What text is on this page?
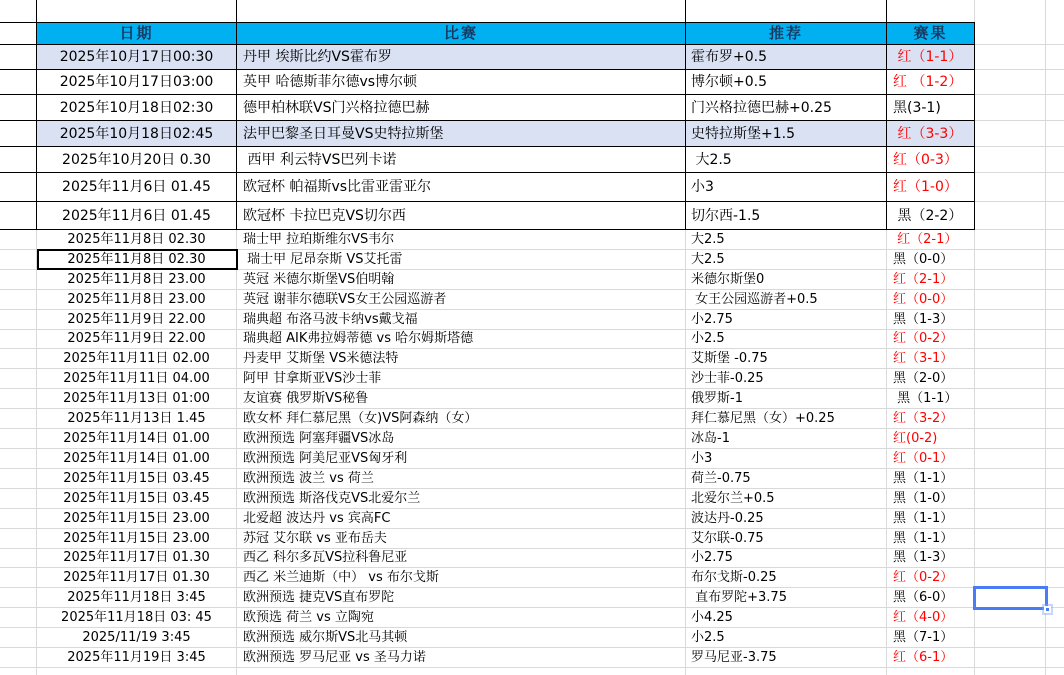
日期	比赛	推荐	赛果
2025年10月17日00:30	丹甲 埃斯比约VS霍布罗	霍布罗+0.5	红（1-1）
2025年10月17日03:00	英甲 哈德斯菲尔德vs博尔顿	博尔顿+0.5	红 （1-2）
2025年10月18日02:30	德甲柏林联VS门兴格拉德巴赫	门兴格拉德巴赫+0.25	黑(3-1)
2025年10月18日02:45	法甲巴黎圣日耳曼VS史特拉斯堡	史特拉斯堡+1.5	红（3-3）
2025年10月20日 0.30	西甲 利云特VS巴列卡诺	大2.5	红（0-3）
2025年11月6日 01.45	欧冠杯 帕福斯vs比雷亚雷亚尔	小3	红（1-0）
2025年11月6日 01.45	欧冠杯 卡拉巴克VS切尔西	切尔西-1.5	黑（2-2）
2025年11月8日 02.30	瑞士甲 拉珀斯维尔VS韦尔	大2.5	红（2-1）
2025年11月8日 02.30	瑞士甲 尼昂奈斯 VS艾托雷	大2.5	黑（0-0）
2025年11月8日 23.00	英冠 米德尔斯堡VS伯明翰	米德尔斯堡0	红（2-1）
2025年11月8日 23.00	英冠 谢菲尔德联VS女王公园巡游者	女王公园巡游者+0.5	红（0-0）
2025年11月9日 22.00	瑞典超 布洛马波卡纳vs戴戈福	小2.75	黑（1-3）
2025年11月9日 22.00	瑞典超 AIK弗拉姆蒂德 vs 哈尔姆斯塔德	小2.5	红（0-2）
2025年11月11日 02.00	丹麦甲 艾斯堡 VS米德法特	艾斯堡 -0.75	红（3-1）
2025年11月11日 04.00	阿甲 甘拿斯亚VS沙士菲	沙士菲-0.25	黑（2-0）
2025年11月13日 01:00	友谊赛 俄罗斯VS秘鲁	俄罗斯-1	黑（1-1）
2025年11月13日 1.45	欧女杯 拜仁慕尼黑（女)VS阿森纳（女）	拜仁慕尼黑（女）+0.25	红（3-2）
2025年11月14日 01.00	欧洲预选 阿塞拜疆VS冰岛	冰岛-1	红(0-2)
2025年11月14日 01.00	欧洲预选 阿美尼亚VS匈牙利	小3	红（0-1）
2025年11月15日 03.45	欧洲预选 波兰 vs 荷兰	荷兰-0.75	黑（1-1）
2025年11月15日 03.45	欧洲预选 斯洛伐克VS北爱尔兰	北爱尔兰+0.5	黑（1-0）
2025年11月15日 23.00	北爱超 波达丹 vs 宾高FC	波达丹-0.25	黑（1-1）
2025年11月15日 23.00	苏冠 艾尔联 vs 亚布岳夫	艾尔联-0.75	黑（1-1）
2025年11月17日 01.30	西乙 科尔多瓦VS拉科鲁尼亚	小2.75	黑（1-3）
2025年11月17日 01.30	西乙 米兰迪斯（中） vs 布尔戈斯	布尔戈斯-0.25	红（0-2）
2025年11月18日 3:45	欧洲预选 捷克VS直布罗陀	直布罗陀+3.75	黑（6-0）
2025年11月18日 03: 45	欧预选 荷兰 vs 立陶宛	小4.25	红（4-0）
2025/11/19 3:45	欧洲预选 威尔斯VS北马其顿	小2.5	黑（7-1）
2025年11月19日 3:45	欧洲预选 罗马尼亚 vs 圣马力诺	罗马尼亚-3.75	红（6-1）
